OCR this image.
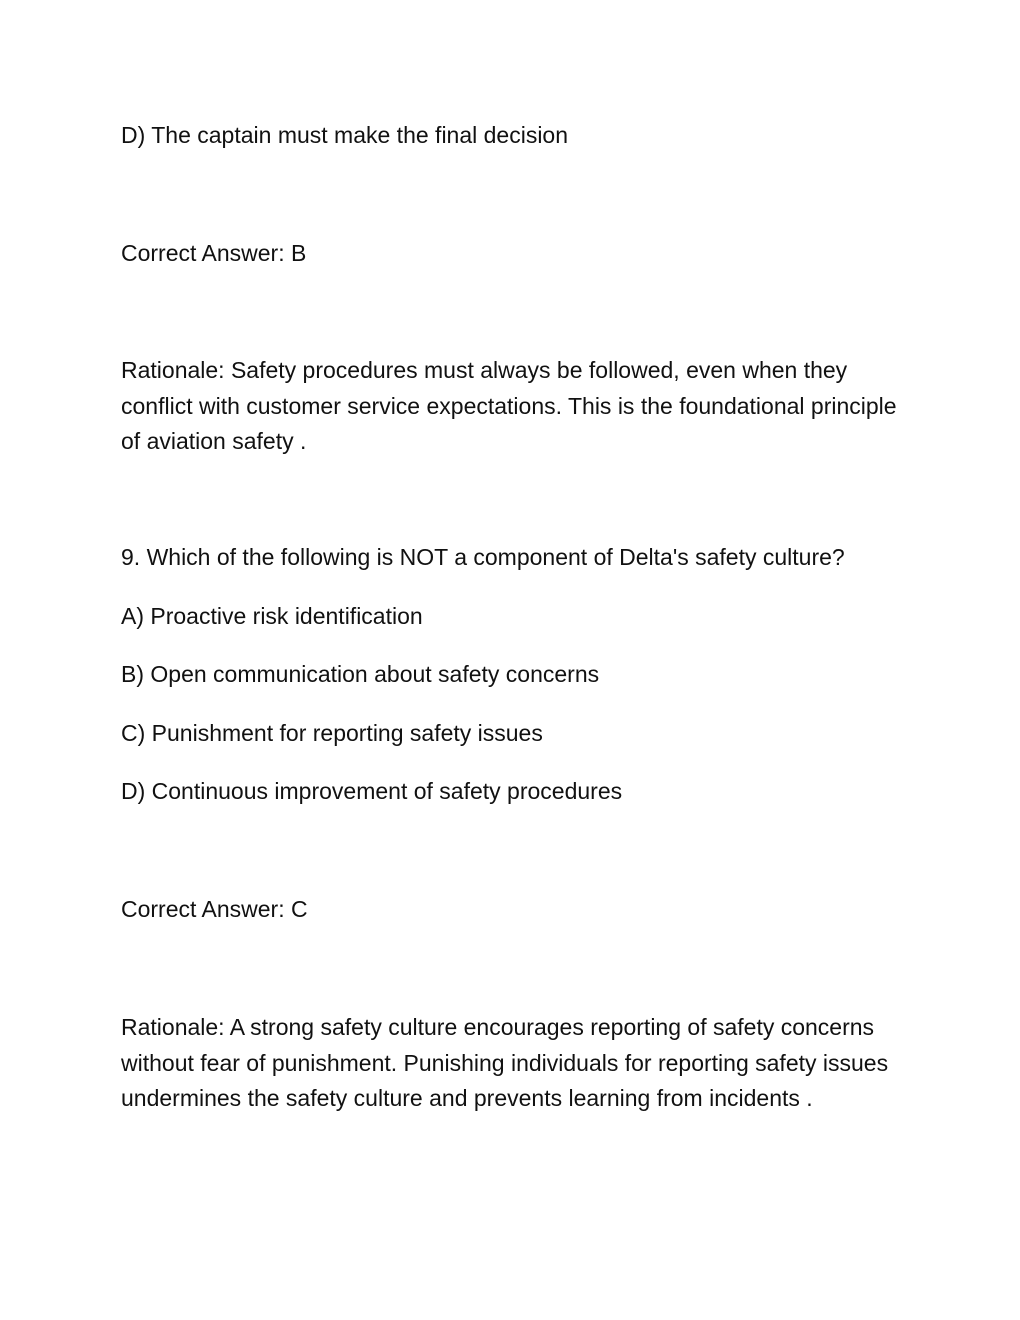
D) The captain must make the final decision

Correct Answer: B

Rationale: Safety procedures must always be followed, even when they conflict with customer service expectations. This is the foundational principle of aviation safety .

9. Which of the following is NOT a component of Delta's safety culture?

A) Proactive risk identification

B) Open communication about safety concerns

C) Punishment for reporting safety issues

D) Continuous improvement of safety procedures

Correct Answer: C

Rationale: A strong safety culture encourages reporting of safety concerns without fear of punishment. Punishing individuals for reporting safety issues undermines the safety culture and prevents learning from incidents .
